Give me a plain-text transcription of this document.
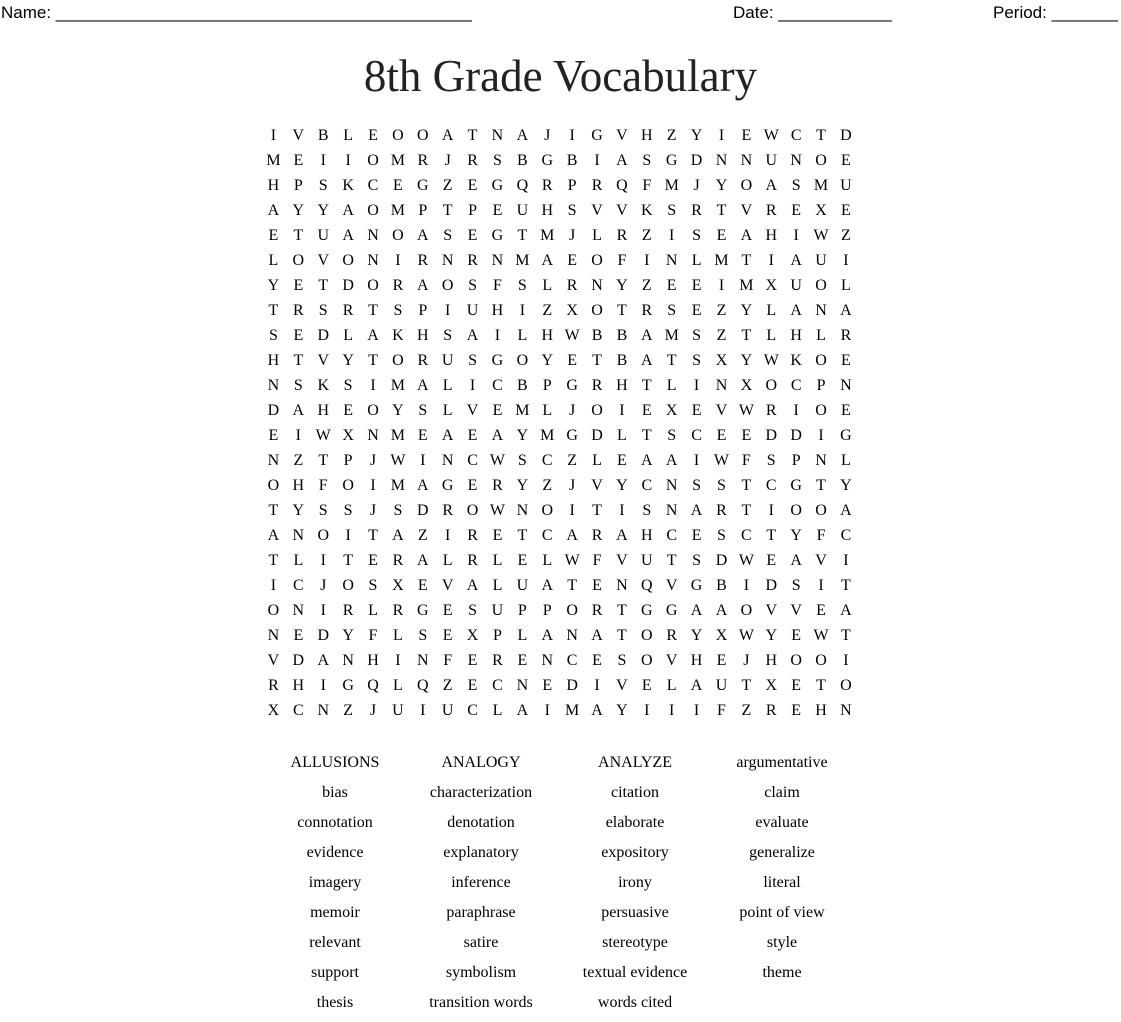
Name: ____________________________________________	Date: ____________	Period: _______
8th Grade Vocabulary
I	V B L E O O A T N A	J	I	G V H Z Y	I	E W C T D
M E	I	I	O M R	J	R S B G B	I	A S G D N N U N O E
H P S K C E G Z E G Q R P R Q F M J Y O A S M U
A Y Y A O M P T P E U H S V V K S R T V R E X E
E T U A N O A S E G T M J	L R Z	I	S E A H	I W Z
L O V O N	I	R N R N M A E O F	I	N L M T	I	A U	I
Y E T D O R A O S F S L R N Y Z E E	I M X U O L
T R S R T S P	I	U H	I	Z X O T R S E Z Y L A N A
S E D L A K H S A	I	L H W B B A M S Z T L H L R
H T V Y T O R U S G O Y E T B A T S X Y W K O E
N S K S	I M A L	I	C B P G R H T L	I	N X O C P N
D A H E O Y S L V E M L	J O	I	E X E V W R	I	O E
E	I W X N M E A E A Y M G D L T S C E E D D	I	G
N Z T P	J W I	N C W S C Z L E A A	I W F S P N L
O H F O	I M A G E R Y Z	J V Y C N S S T C G T Y
T Y S S	J	S D R O W N O	I	T	I	S N A R T	I	O O A
A N O	I	T A Z	I	R E T C A R A H C E S C T Y F C
T L	I	T E R A L R L E L W F V U T S D W E A V	I
I	C	J O S X E V A L U A T E N Q V G B	I	D S	I	T
O N	I	R L R G E S U P P O R T G G A A O V V E A
N E D Y F L S E X P L A N A T O R Y X W Y E W T
V D A N H	I	N F E R E N C E S O V H E	J H O O	I
R H	I	G Q L Q Z E C N E D	I	V E L A U T X E T O
X C N Z	J U	I	U C L A	I M A Y	I	I	I	F Z R E H N
ALLUSIONS	ANALOGY	ANALYZE	argumentative
bias	characterization	citation	claim
connotation	denotation	elaborate	evaluate
evidence	explanatory	expository	generalize
imagery	inference	irony	literal
memoir	paraphrase	persuasive	point of view
relevant	satire	stereotype	style
support	symbolism	textual evidence	theme
thesis	transition words	words cited
